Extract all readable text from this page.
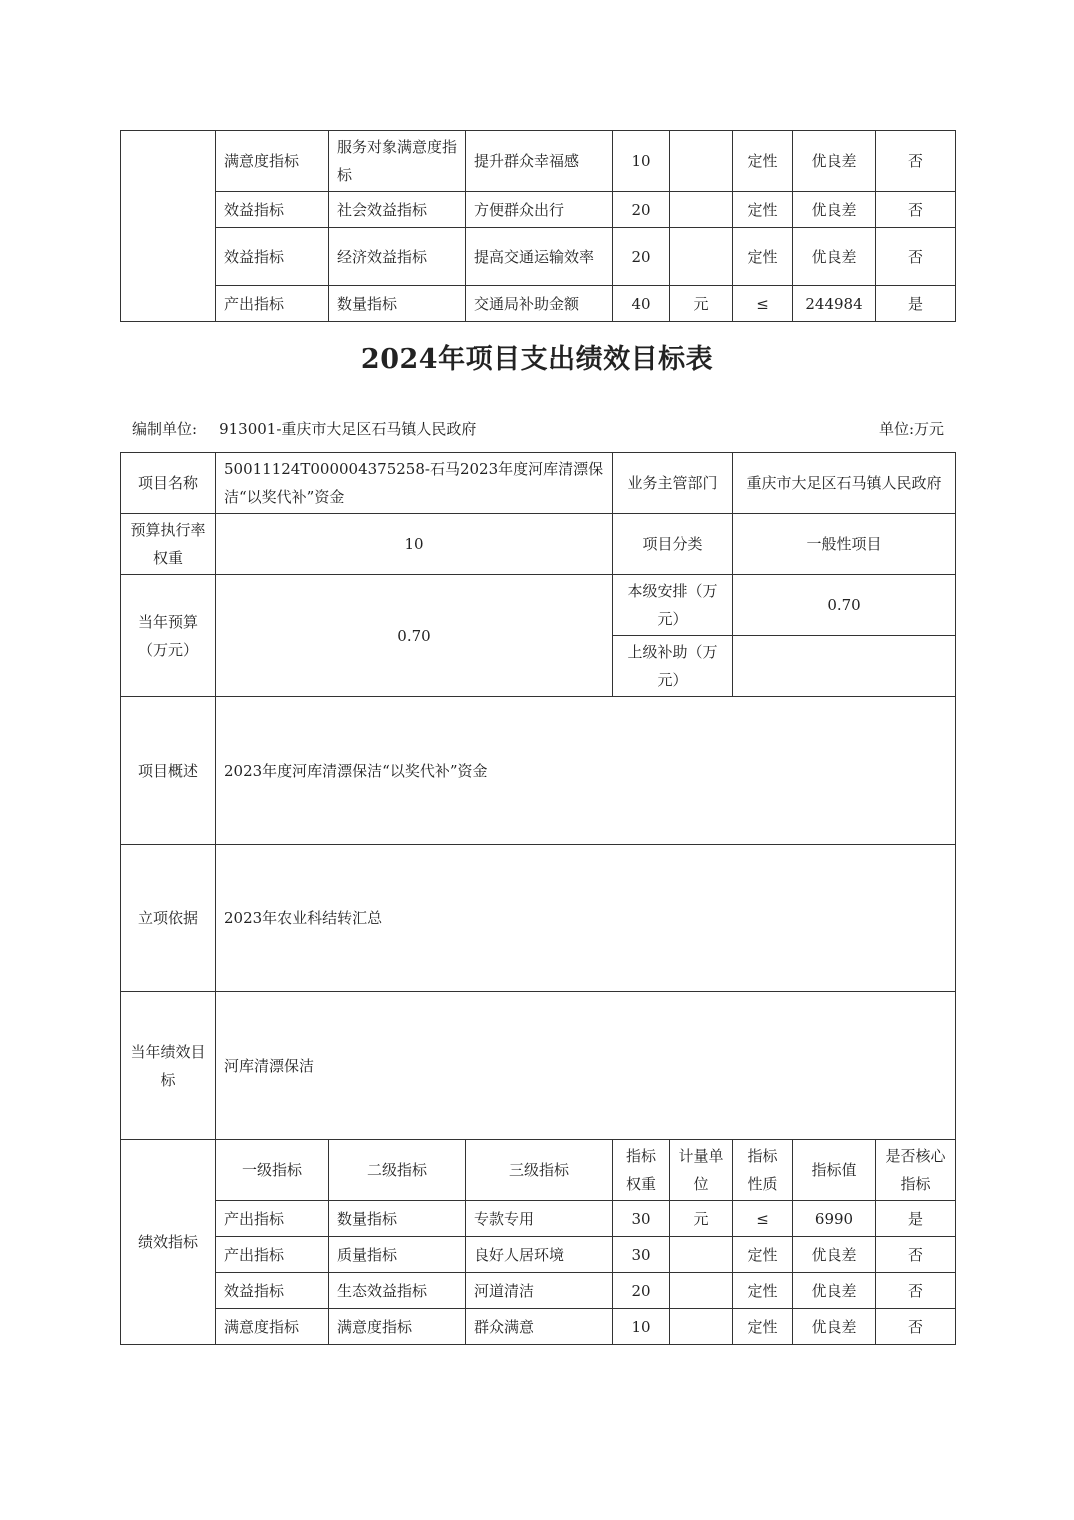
	满意度指标	服务对象满意度指标	提升群众幸福感	10		定性	优良差	否
	效益指标	社会效益指标	方便群众出行	20		定性	优良差	否
	效益指标	经济效益指标	提高交通运输效率	20		定性	优良差	否
	产出指标	数量指标	交通局补助金额	40	元	≤	244984	是
2024年项目支出绩效目标表
编制单位: 913001-重庆市大足区石马镇人民政府	单位:万元
项目名称	50011124T000004375258-石马2023年度河库清漂保洁“以奖代补”资金			业务主管部门		重庆市大足区石马镇人民政府		
预算执行率权重	10			项目分类		一般性项目		
当年预算（万元）	0.70			本级安排（万元）		0.70		
				上级补助（万元）				
项目概述	2023年度河库清漂保洁“以奖代补”资金							
立项依据	2023年农业科结转汇总							
当年绩效目标	河库清漂保洁							
绩效指标	一级指标	二级指标	三级指标	指标权重	计量单位	指标性质	指标值	是否核心指标
	产出指标	数量指标	专款专用	30	元	≤	6990	是
	产出指标	质量指标	良好人居环境	30		定性	优良差	否
	效益指标	生态效益指标	河道清洁	20		定性	优良差	否
	满意度指标	满意度指标	群众满意	10		定性	优良差	否
